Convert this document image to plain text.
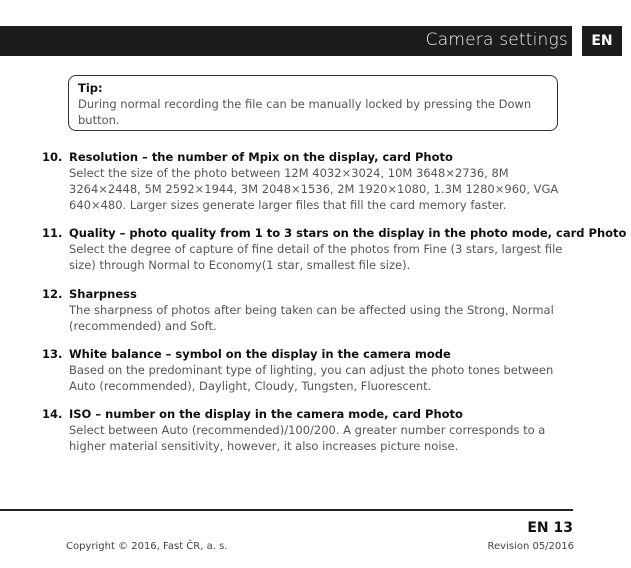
Camera settings	EN
Tip:
During normal recording the file can be manually locked by pressing the Down button.
10. Resolution – the number of Mpix on the display, card Photo
Select the size of the photo between 12M 4032×3024, 10M 3648×2736, 8M 3264×2448, 5M 2592×1944, 3M 2048×1536, 2M 1920×1080, 1.3M 1280×960, VGA 640×480. Larger sizes generate larger files that fill the card memory faster.
11. Quality – photo quality from 1 to 3 stars on the display in the photo mode, card Photo
Select the degree of capture of fine detail of the photos from Fine (3 stars, largest file size) through Normal to Economy(1 star, smallest file size).
12. Sharpness
The sharpness of photos after being taken can be affected using the Strong, Normal (recommended) and Soft.
13. White balance – symbol on the display in the camera mode
Based on the predominant type of lighting, you can adjust the photo tones between Auto (recommended), Daylight, Cloudy, Tungsten, Fluorescent.
14. ISO – number on the display in the camera mode, card Photo
Select between Auto (recommended)/100/200. A greater number corresponds to a higher material sensitivity, however, it also increases picture noise.
EN 13
Copyright © 2016, Fast ČR, a. s.	Revision 05/2016
